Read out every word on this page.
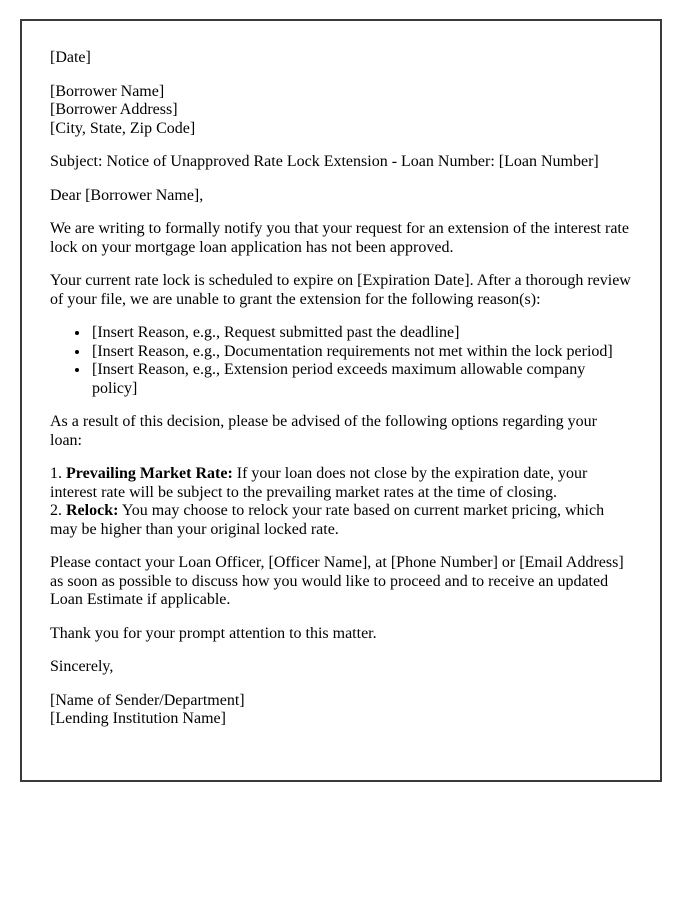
[Date]

[Borrower Name]
[Borrower Address]
[City, State, Zip Code]

Subject: Notice of Unapproved Rate Lock Extension - Loan Number: [Loan Number]

Dear [Borrower Name],

We are writing to formally notify you that your request for an extension of the interest rate lock on your mortgage loan application has not been approved.

Your current rate lock is scheduled to expire on [Expiration Date]. After a thorough review of your file, we are unable to grant the extension for the following reason(s):

• [Insert Reason, e.g., Request submitted past the deadline]
• [Insert Reason, e.g., Documentation requirements not met within the lock period]
• [Insert Reason, e.g., Extension period exceeds maximum allowable company policy]

As a result of this decision, please be advised of the following options regarding your loan:

1. Prevailing Market Rate: If your loan does not close by the expiration date, your interest rate will be subject to the prevailing market rates at the time of closing.
2. Relock: You may choose to relock your rate based on current market pricing, which may be higher than your original locked rate.

Please contact your Loan Officer, [Officer Name], at [Phone Number] or [Email Address] as soon as possible to discuss how you would like to proceed and to receive an updated Loan Estimate if applicable.

Thank you for your prompt attention to this matter.

Sincerely,

[Name of Sender/Department]
[Lending Institution Name]
